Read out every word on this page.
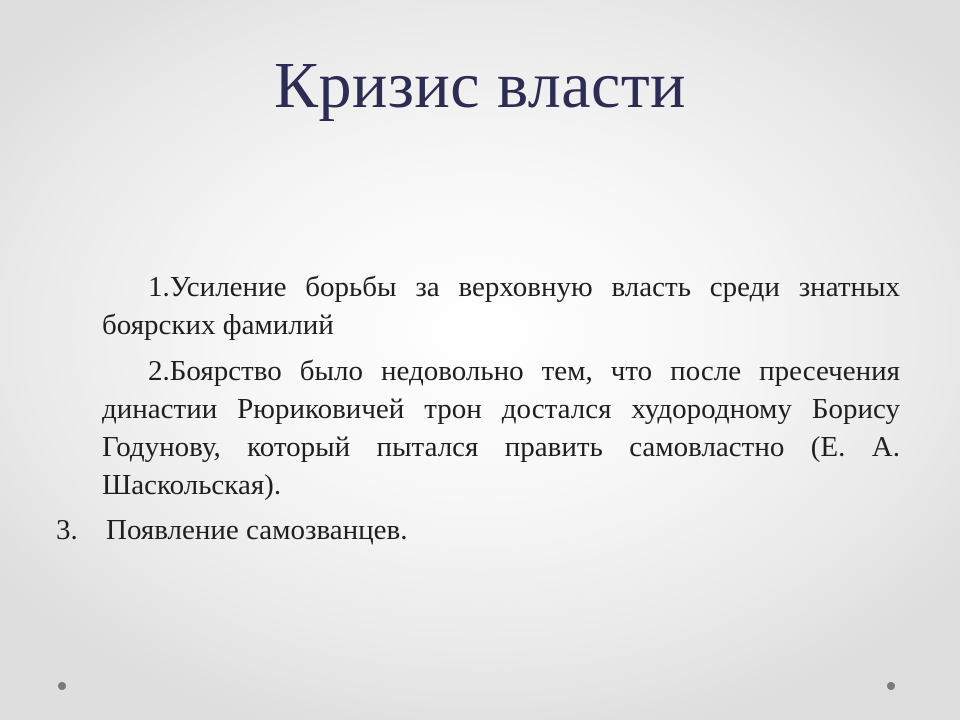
Кризис власти

1.Усиление борьбы за верховную власть среди знатных боярских фамилий

2.Боярство было недовольно тем, что после пресечения династии Рюриковичей трон достался худородному Борису Годунову, который пытался править самовластно (Е. А. Шаскольская).

3. Появление самозванцев.
